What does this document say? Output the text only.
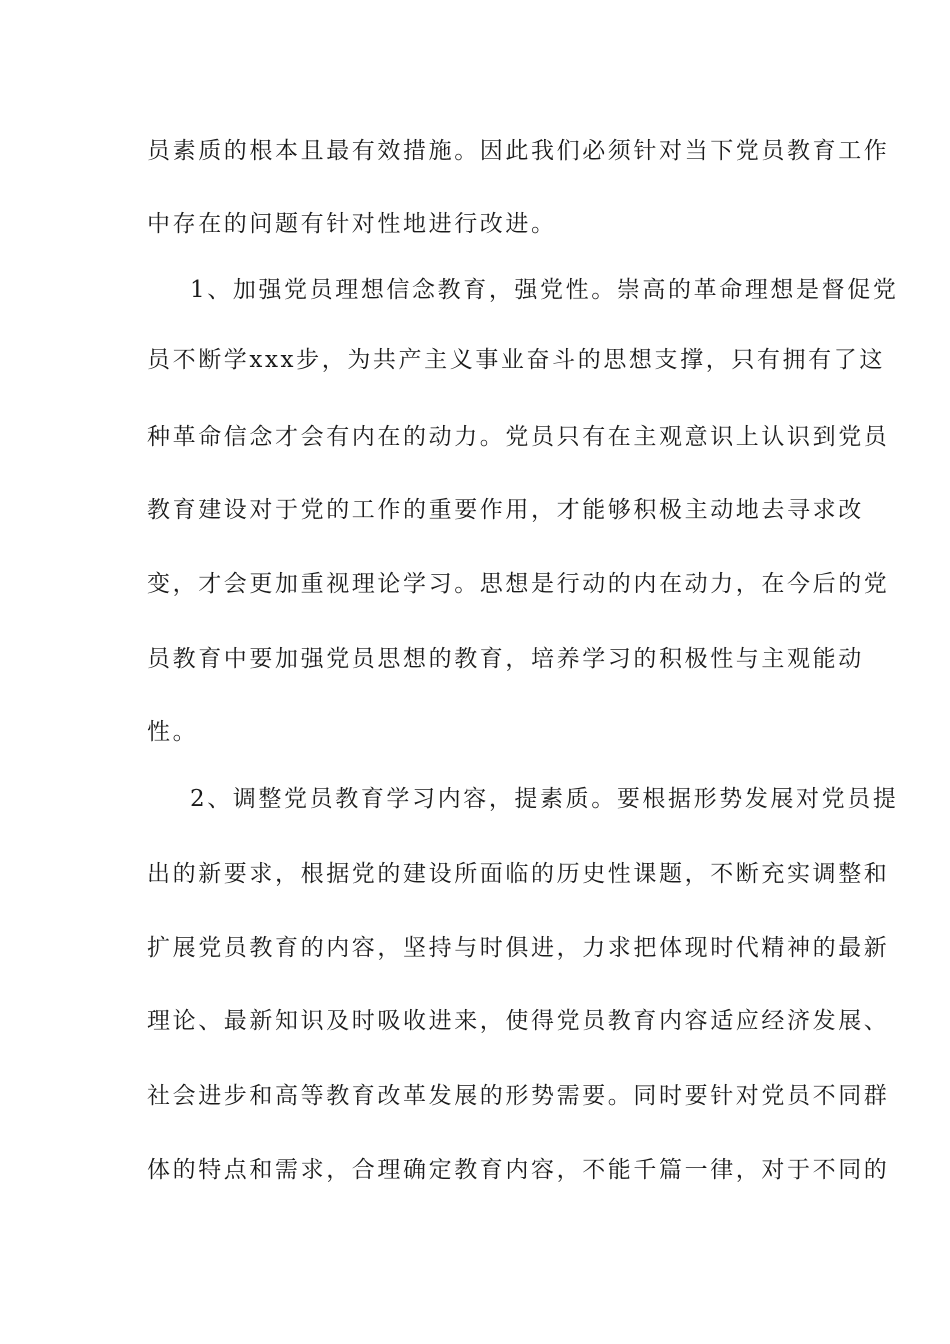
员素质的根本且最有效措施。因此我们必须针对当下党员教育工作
中存在的问题有针对性地进行改进。
1、加强党员理想信念教育，强党性。崇高的革命理想是督促党
员不断学xxx步，为共产主义事业奋斗的思想支撑，只有拥有了这
种革命信念才会有内在的动力。党员只有在主观意识上认识到党员
教育建设对于党的工作的重要作用，才能够积极主动地去寻求改
变，才会更加重视理论学习。思想是行动的内在动力，在今后的党
员教育中要加强党员思想的教育，培养学习的积极性与主观能动
性。
2、调整党员教育学习内容，提素质。要根据形势发展对党员提
出的新要求，根据党的建设所面临的历史性课题，不断充实调整和
扩展党员教育的内容，坚持与时俱进，力求把体现时代精神的最新
理论、最新知识及时吸收进来，使得党员教育内容适应经济发展、
社会进步和高等教育改革发展的形势需要。同时要针对党员不同群
体的特点和需求，合理确定教育内容，不能千篇一律，对于不同的
